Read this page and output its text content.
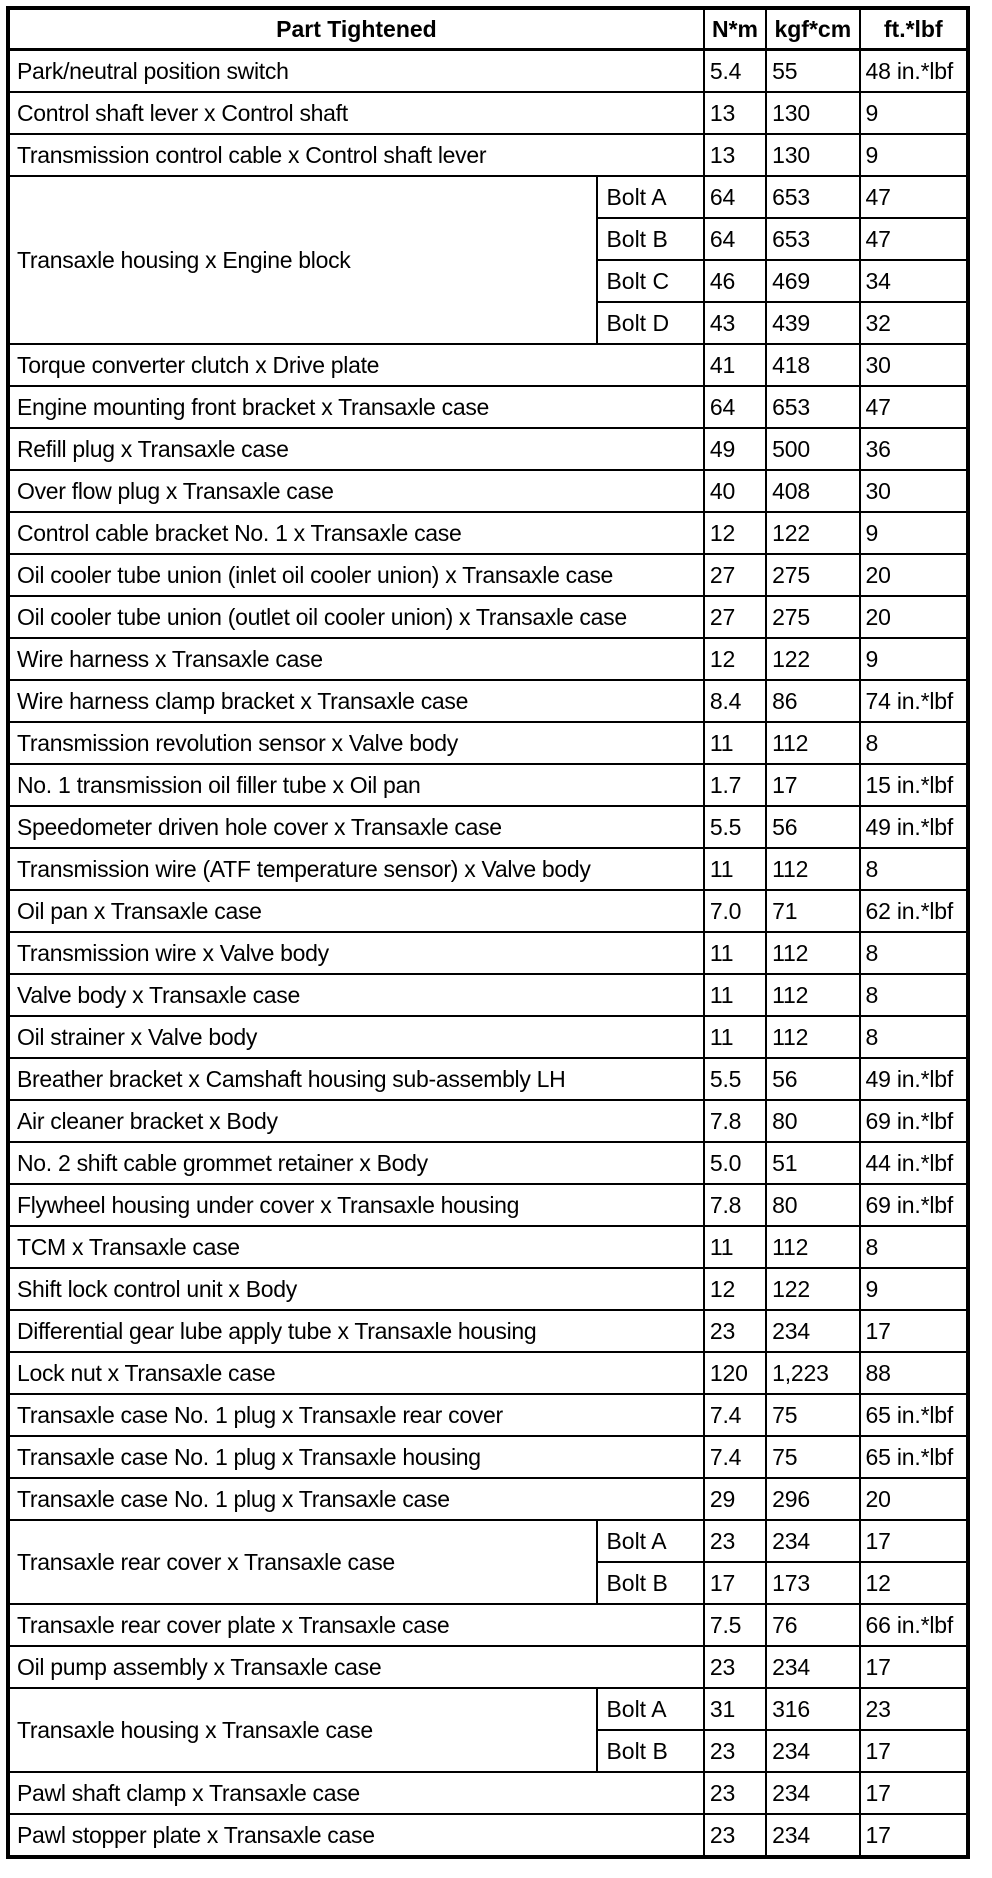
Part Tightened		N*m	kgf*cm	ft.*lbf
Park/neutral position switch		5.4	55	48 in.*lbf
Control shaft lever x Control shaft		13	130	9
Transmission control cable x Control shaft lever		13	130	9
Transaxle housing x Engine block	Bolt A	64	653	47
	Bolt B	64	653	47
	Bolt C	46	469	34
	Bolt D	43	439	32
Torque converter clutch x Drive plate		41	418	30
Engine mounting front bracket x Transaxle case		64	653	47
Refill plug x Transaxle case		49	500	36
Over flow plug x Transaxle case		40	408	30
Control cable bracket No. 1 x Transaxle case		12	122	9
Oil cooler tube union (inlet oil cooler union) x Transaxle case		27	275	20
Oil cooler tube union (outlet oil cooler union) x Transaxle case		27	275	20
Wire harness x Transaxle case		12	122	9
Wire harness clamp bracket x Transaxle case		8.4	86	74 in.*lbf
Transmission revolution sensor x Valve body		11	112	8
No. 1 transmission oil filler tube x Oil pan		1.7	17	15 in.*lbf
Speedometer driven hole cover x Transaxle case		5.5	56	49 in.*lbf
Transmission wire (ATF temperature sensor) x Valve body		11	112	8
Oil pan x Transaxle case		7.0	71	62 in.*lbf
Transmission wire x Valve body		11	112	8
Valve body x Transaxle case		11	112	8
Oil strainer x Valve body		11	112	8
Breather bracket x Camshaft housing sub-assembly LH		5.5	56	49 in.*lbf
Air cleaner bracket x Body		7.8	80	69 in.*lbf
No. 2 shift cable grommet retainer x Body		5.0	51	44 in.*lbf
Flywheel housing under cover x Transaxle housing		7.8	80	69 in.*lbf
TCM x Transaxle case		11	112	8
Shift lock control unit x Body		12	122	9
Differential gear lube apply tube x Transaxle housing		23	234	17
Lock nut x Transaxle case		120	1,223	88
Transaxle case No. 1 plug x Transaxle rear cover		7.4	75	65 in.*lbf
Transaxle case No. 1 plug x Transaxle housing		7.4	75	65 in.*lbf
Transaxle case No. 1 plug x Transaxle case		29	296	20
Transaxle rear cover x Transaxle case	Bolt A	23	234	17
	Bolt B	17	173	12
Transaxle rear cover plate x Transaxle case		7.5	76	66 in.*lbf
Oil pump assembly x Transaxle case		23	234	17
Transaxle housing x Transaxle case	Bolt A	31	316	23
	Bolt B	23	234	17
Pawl shaft clamp x Transaxle case		23	234	17
Pawl stopper plate x Transaxle case		23	234	17
